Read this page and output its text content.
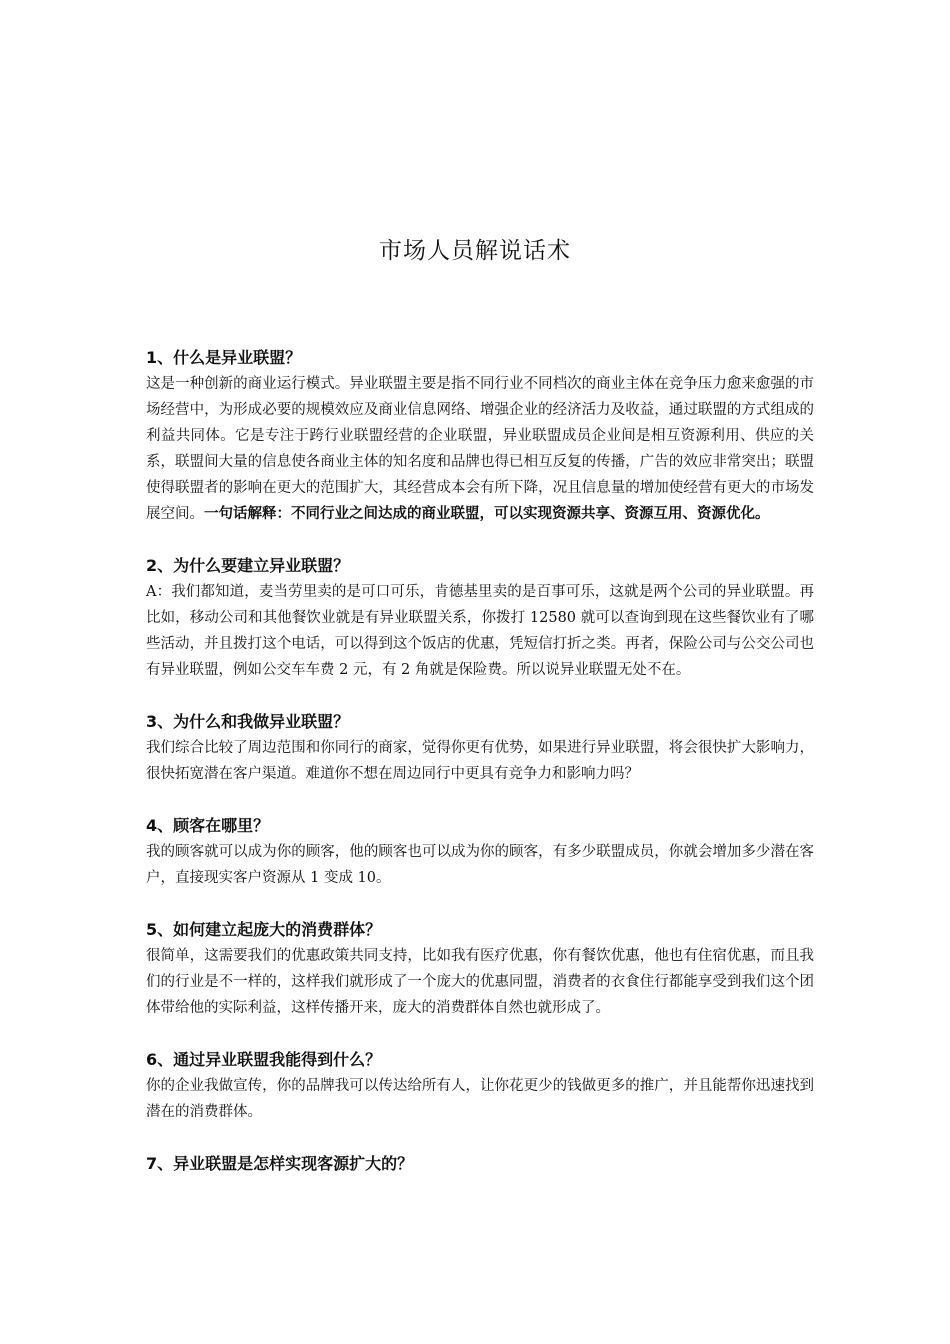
市场人员解说话术

1、什么是异业联盟？

这是一种创新的商业运行模式。异业联盟主要是指不同行业不同档次的商业主体在竞争压力愈来愈强的市场经营中，为形成必要的规模效应及商业信息网络、增强企业的经济活力及收益，通过联盟的方式组成的利益共同体。它是专注于跨行业联盟经营的企业联盟，异业联盟成员企业间是相互资源利用、供应的关系，联盟间大量的信息使各商业主体的知名度和品牌也得已相互反复的传播，广告的效应非常突出；联盟使得联盟者的影响在更大的范围扩大，其经营成本会有所下降，况且信息量的增加使经营有更大的市场发展空间。一句话解释：不同行业之间达成的商业联盟，可以实现资源共享、资源互用、资源优化。

2、为什么要建立异业联盟？

A：我们都知道，麦当劳里卖的是可口可乐，肯德基里卖的是百事可乐，这就是两个公司的异业联盟。再比如，移动公司和其他餐饮业就是有异业联盟关系，你拨打 12580 就可以查询到现在这些餐饮业有了哪些活动，并且拨打这个电话，可以得到这个饭店的优惠，凭短信打折之类。再者，保险公司与公交公司也有异业联盟，例如公交车车费 2 元，有 2 角就是保险费。所以说异业联盟无处不在。

3、为什么和我做异业联盟？

我们综合比较了周边范围和你同行的商家，觉得你更有优势，如果进行异业联盟，将会很快扩大影响力，很快拓宽潜在客户渠道。难道你不想在周边同行中更具有竞争力和影响力吗？

4、顾客在哪里？

我的顾客就可以成为你的顾客，他的顾客也可以成为你的顾客，有多少联盟成员，你就会增加多少潜在客户，直接现实客户资源从 1 变成 10。

5、如何建立起庞大的消费群体？

很简单，这需要我们的优惠政策共同支持，比如我有医疗优惠，你有餐饮优惠，他也有住宿优惠，而且我们的行业是不一样的，这样我们就形成了一个庞大的优惠同盟，消费者的衣食住行都能享受到我们这个团体带给他的实际利益，这样传播开来，庞大的消费群体自然也就形成了。

6、通过异业联盟我能得到什么？

你的企业我做宣传，你的品牌我可以传达给所有人，让你花更少的钱做更多的推广，并且能帮你迅速找到潜在的消费群体。

7、异业联盟是怎样实现客源扩大的？
